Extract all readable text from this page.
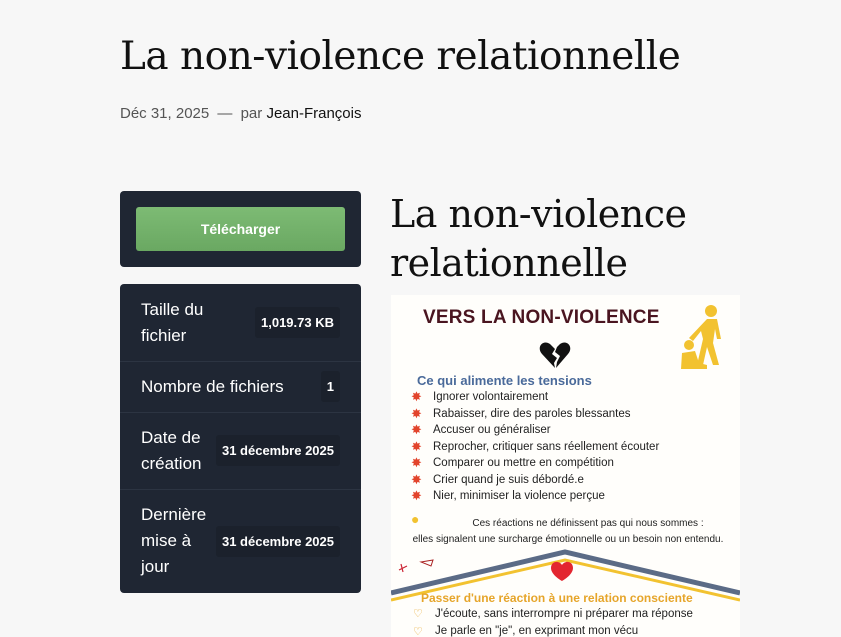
La non-violence relationnelle
Déc 31, 2025 — par Jean-François
Télécharger
Taille du fichier
1,019.73 KB
Nombre de fichiers	1
Date de création
31 décembre 2025
Dernière mise à jour
31 décembre 2025
La non-violence relationnelle
VERS LA NON-VIOLENCE
Ce qui alimente les tensions
✸ Ignorer volontairement
✸ Rabaisser, dire des paroles blessantes
✸ Accuser ou généraliser
✸ Reprocher, critiquer sans réellement écouter
✸ Comparer ou mettre en compétition
✸ Crier quand je suis débordé.e
✸ Nier, minimiser la violence perçue
●	Ces réactions ne définissent pas qui nous sommes :
elles signalent une surcharge émotionnelle ou un besoin non entendu.
Passer d'une réaction à une relation consciente
♡ J'écoute, sans interrompre ni préparer ma réponse
♡ Je parle en "je", en exprimant mon vécu
